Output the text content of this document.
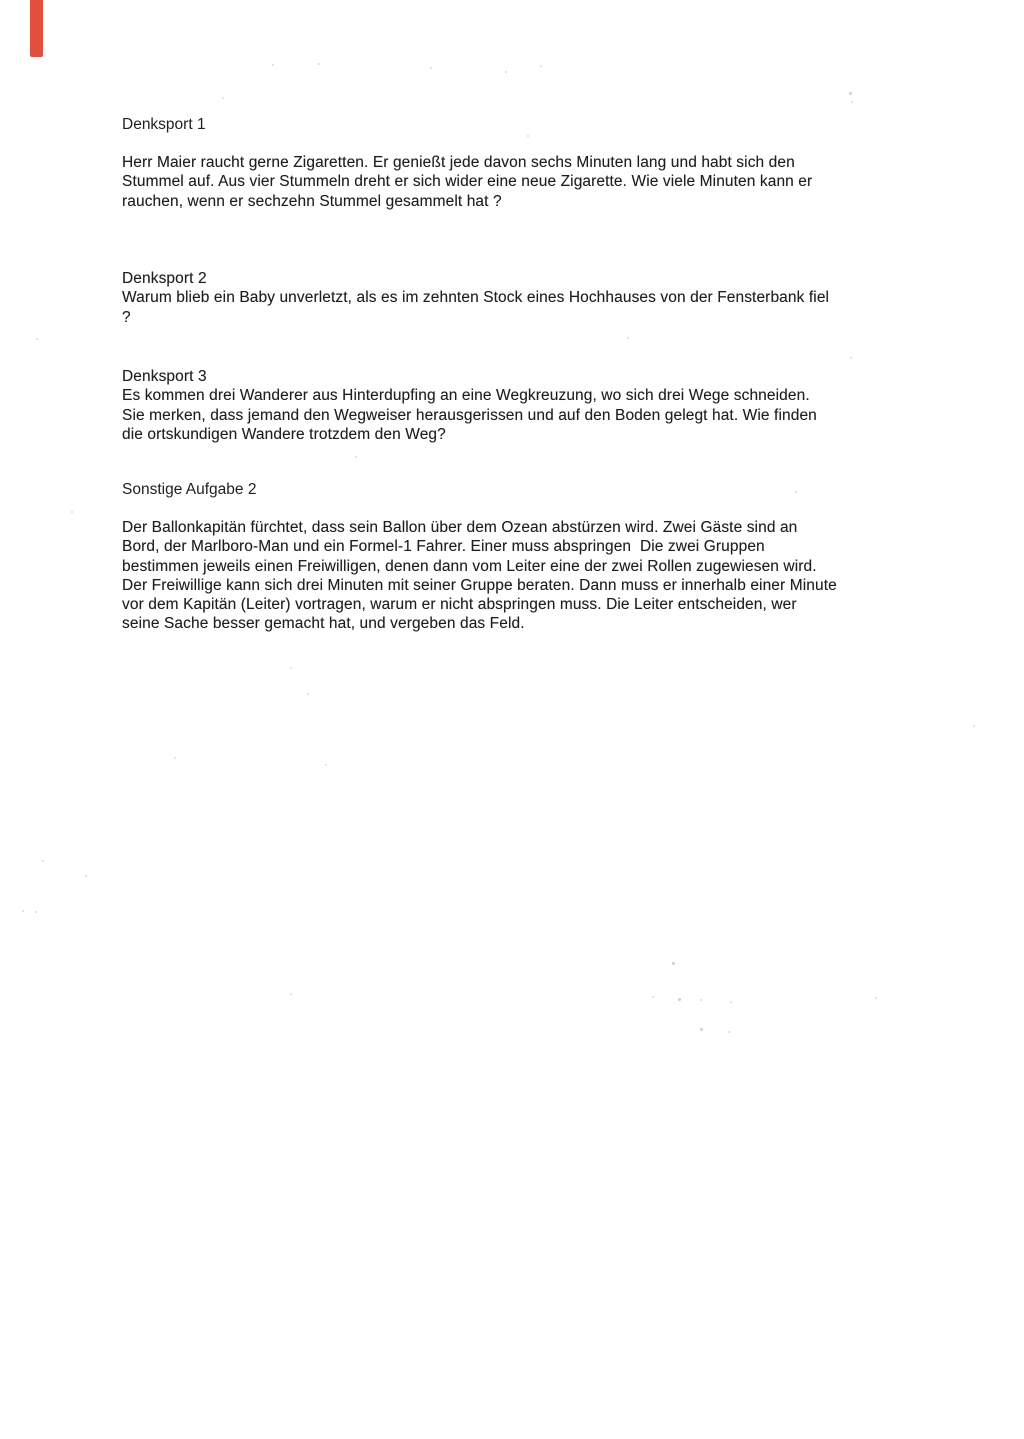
Denksport 1
Herr Maier raucht gerne Zigaretten. Er genießt jede davon sechs Minuten lang und habt sich den
Stummel auf. Aus vier Stummeln dreht er sich wider eine neue Zigarette. Wie viele Minuten kann er
rauchen, wenn er sechzehn Stummel gesammelt hat ?
Denksport 2
Warum blieb ein Baby unverletzt, als es im zehnten Stock eines Hochhauses von der Fensterbank fiel
?
Denksport 3
Es kommen drei Wanderer aus Hinterdupfing an eine Wegkreuzung, wo sich drei Wege schneiden.
Sie merken, dass jemand den Wegweiser herausgerissen und auf den Boden gelegt hat. Wie finden
die ortskundigen Wandere trotzdem den Weg?
Sonstige Aufgabe 2
Der Ballonkapitän fürchtet, dass sein Ballon über dem Ozean abstürzen wird. Zwei Gäste sind an
Bord, der Marlboro-Man und ein Formel-1 Fahrer. Einer muss abspringen  Die zwei Gruppen
bestimmen jeweils einen Freiwilligen, denen dann vom Leiter eine der zwei Rollen zugewiesen wird.
Der Freiwillige kann sich drei Minuten mit seiner Gruppe beraten. Dann muss er innerhalb einer Minute
vor dem Kapitän (Leiter) vortragen, warum er nicht abspringen muss. Die Leiter entscheiden, wer
seine Sache besser gemacht hat, und vergeben das Feld.
